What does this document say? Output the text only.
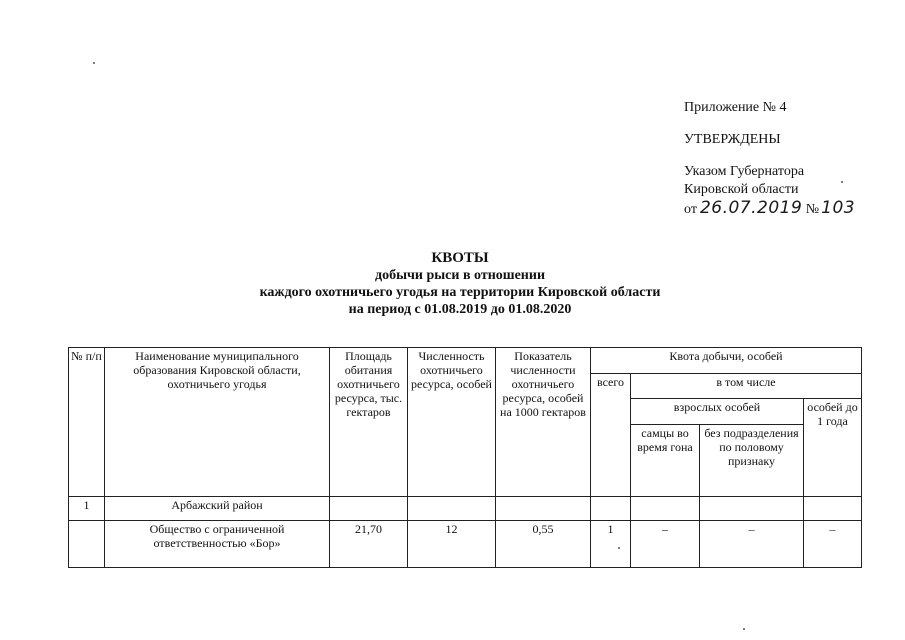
Приложение № 4
УТВЕРЖДЕНЫ
Указом Губернатора
Кировской области
от 26.07.2019 № 103
КВОТЫ
добычи рыси в отношении
каждого охотничьего угодья на территории Кировской области
на период с 01.08.2019 до 01.08.2020
№ п/п	Наименование муниципального образования Кировской области, охотничьего угодья	Площадь обитания охотничьего ресурса, тыс. гектаров	Численность охотничьего ресурса, особей	Показатель численности охотничьего ресурса, особей на 1000 гектаров	Квота добычи, особей			
					всего	в том числе		
						взрослых особей		особей до 1 года
						самцы во время гона	без подразделения по половому признаку	
1	Арбажский район							
	Общество с ограниченной ответственностью «Бор»	21,70	12	0,55	1	–	–	–
